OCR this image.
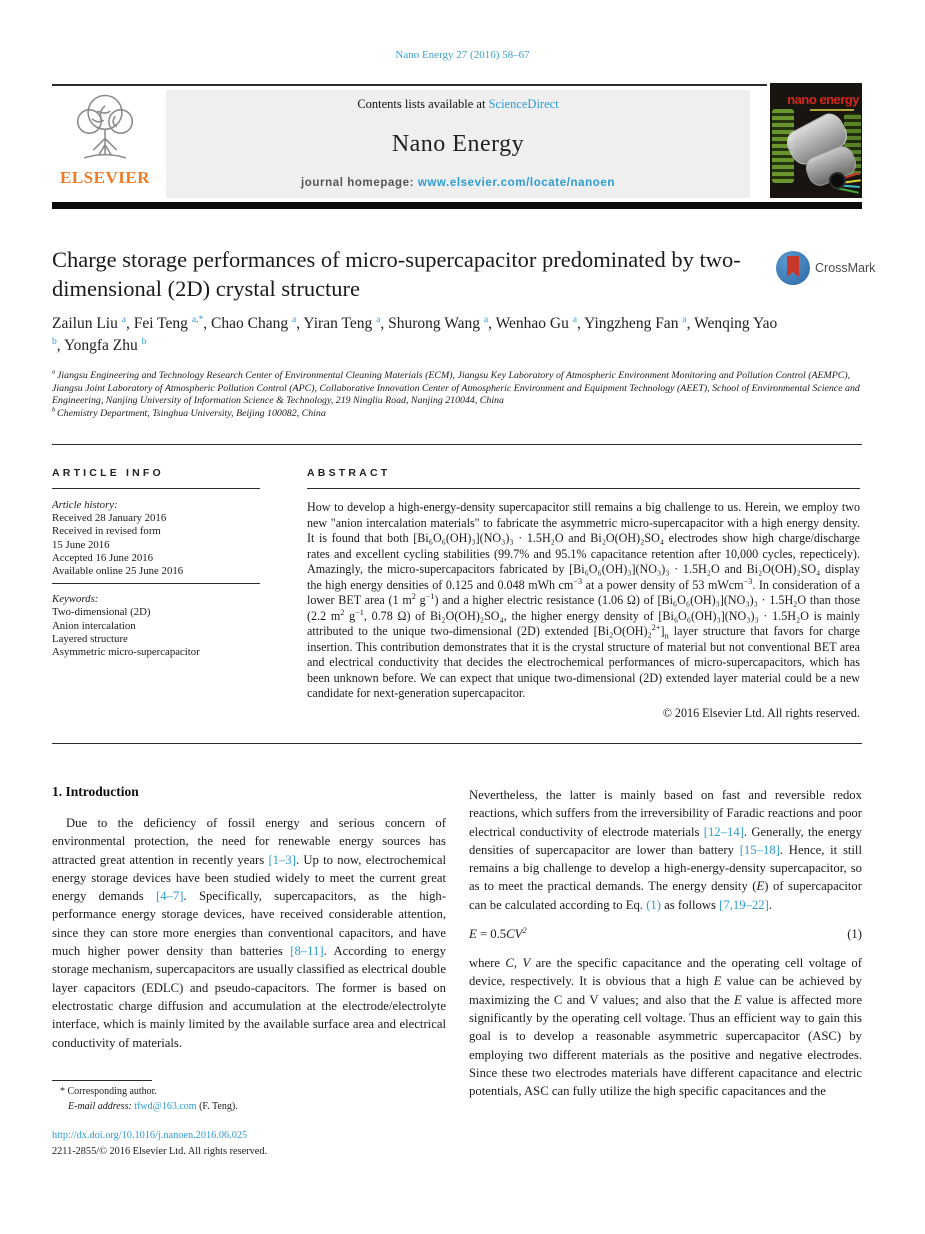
Nano Energy 27 (2016) 58–67
ELSEVIER
Contents lists available at ScienceDirect
Nano Energy
journal homepage: www.elsevier.com/locate/nanoen
nano energy
Charge storage performances of micro-supercapacitor predominated by two-dimensional (2D) crystal structure
CrossMark
Zailun Liu $^a$, Fei Teng $^{a,*}$, Chao Chang $^a$, Yiran Teng $^a$, Shurong Wang $^a$, Wenhao Gu $^a$, Yingzheng Fan $^a$, Wenqing Yao $^b$, Yongfa Zhu $^b$
$^a$ Jiangsu Engineering and Technology Research Center of Environmental Cleaning Materials (ECM), Jiangsu Key Laboratory of Atmospheric Environment Monitoring and Pollution Control (AEMPC), Jiangsu Joint Laboratory of Atmospheric Pollution Control (APC), Collaborative Innovation Center of Atmospheric Environment and Equipment Technology (AEET), School of Environmental Science and Engineering, Nanjing University of Information Science & Technology, 219 Ningliu Road, Nanjing 210044, China
$^b$ Chemistry Department, Tsinghua University, Beijing 100082, China
ARTICLE INFO
Article history:
Received 28 January 2016
Received in revised form
15 June 2016
Accepted 16 June 2016
Available online 25 June 2016
Keywords:
Two-dimensional (2D)
Anion intercalation
Layered structure
Asymmetric micro-supercapacitor
ABSTRACT
How to develop a high-energy-density supercapacitor still remains a big challenge to us. Herein, we employ two new "anion intercalation materials" to fabricate the asymmetric micro-supercapacitor with a high energy density. It is found that both [Bi₆O₆(OH)₃](NO₃)₃ · 1.5H₂O and Bi₂O(OH)₂SO₄ electrodes show high charge/discharge rates and excellent cycling stabilities (99.7% and 95.1% capacitance retention after 10,000 cycles, repecticely). Amazingly, the micro-supercapacitors fabricated by [Bi₆O₆(OH)₃](NO₃)₃ · 1.5H₂O and Bi₂O(OH)₂SO₄ display the high energy densities of 0.125 and 0.048 mWh $cm^{-3}$ at a power density of 53 mWcm$^{-3}$. In consideration of a lower BET area (1 $m^2$ $g^{-1}$) and a higher electric resistance (1.06 Ω) of [Bi₆O₆(OH)₃](NO₃)₃ · 1.5H₂O than those (2.2 $m^2$ $g^{-1}$, 0.78 Ω) of Bi₂O(OH)₂SO₄, the higher energy density of [Bi₆O₆(OH)₃](NO₃)₃ · 1.5H₂O is mainly attributed to the unique two-dimensional (2D) extended $[Bi_2O(OH)_2^{2+}]_n$ layer structure that favors for charge insertion. This contribution demonstrates that it is the crystal structure of material but not conventional BET area and electrical conductivity that decides the electrochemical performances of micro-supercapacitors, which has been unknown before. We can expect that unique two-dimensional (2D) extended layer material could be a new candidate for next-generation supercapacitor.
© 2016 Elsevier Ltd. All rights reserved.
1. Introduction
Due to the deficiency of fossil energy and serious concern of environmental protection, the need for renewable energy sources has attracted great attention in recently years [1–3]. Up to now, electrochemical energy storage devices have been studied widely to meet the current great energy demands [4–7]. Specifically, supercapacitors, as the high-performance energy storage devices, have received considerable attention, since they can store more energies than conventional capacitors, and have much higher power density than batteries [8–11]. According to energy storage mechanism, supercapacitors are usually classified as electrical double layer capacitors (EDLC) and pseudo-capacitors. The former is based on electrostatic charge diffusion and accumulation at the electrode/electrolyte interface, which is mainly limited by the available surface area and electrical conductivity of materials.
Nevertheless, the latter is mainly based on fast and reversible redox reactions, which suffers from the irreversibility of Faradic reactions and poor electrical conductivity of electrode materials [12–14]. Generally, the energy densities of supercapacitor are lower than battery [15–18]. Hence, it still remains a big challenge to develop a high-energy-density supercapacitor, so as to meet the practical demands. The energy density (E) of supercapacitor can be calculated according to Eq. (1) as follows [7,19–22].
$E = 0.5CV^2$	(1)
where C, V are the specific capacitance and the operating cell voltage of device, respectively. It is obvious that a high E value can be achieved by maximizing the C and V values; and also that the E value is affected more significantly by the operating cell voltage. Thus an efficient way to gain this goal is to develop a reasonable asymmetric supercapacitor (ASC) by employing two different materials as the positive and negative electrodes. Since these two electrodes materials have different capacitance and electric potentials, ASC can fully utilize the high specific capacitances and the
* Corresponding author.
E-mail address: tfwd@163.com (F. Teng).
http://dx.doi.org/10.1016/j.nanoen.2016.06.025
2211-2855/© 2016 Elsevier Ltd. All rights reserved.
